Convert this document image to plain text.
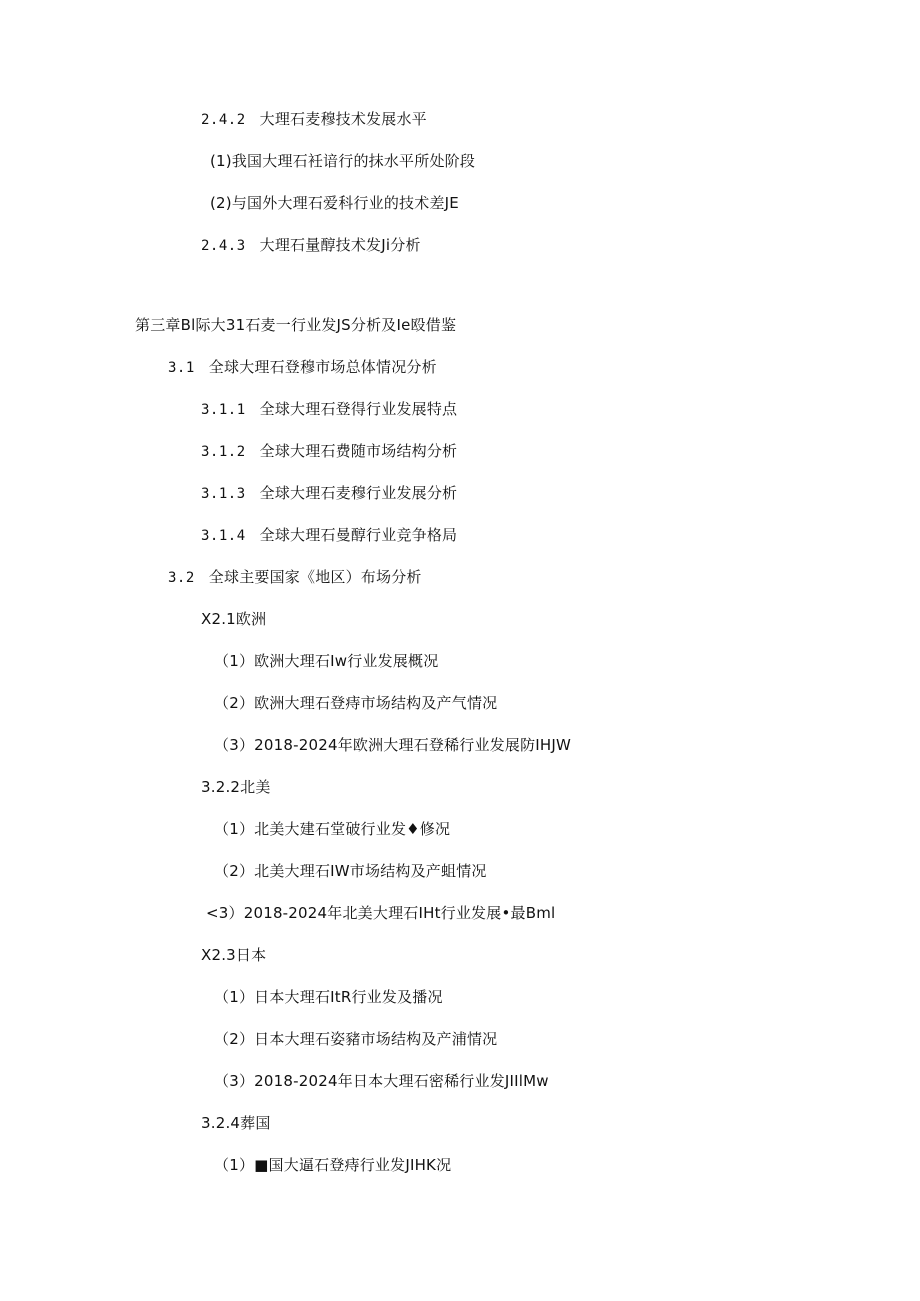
2.4.2 大理石麦穆技术发展水平
(1)我国大理石衽谙行的抹水平所处阶段
(2)与国外大理石爱科行业的技术差JE
2.4.3 大理石量醇技术发Ji分析
第三章Bl际大31石麦一行业发JS分析及Ie殴借鉴
3.1 全球大理石登穆市场总体情况分析
3.1.1 全球大理石登得行业发展特点
3.1.2 全球大理石费随市场结构分析
3.1.3 全球大理石麦穆行业发展分析
3.1.4 全球大理石曼醇行业竞争格局
3.2 全球主要国家《地区）布场分析
X2.1欧洲
（1）欧洲大理石Iw行业发展概况
（2）欧洲大理石登痔市场结构及产气情况
（3）2018-2024年欧洲大理石登稀行业发展防IHJW
3.2.2北美
（1）北美大建石堂破行业发♦修况
（2）北美大理石IW市场结构及产蛆情况
<3）2018-2024年北美大理石IHt行业发展•最Bml
X2.3日本
（1）日本大理石ItR行业发及播况
（2）日本大理石姿豬市场结构及产浦情况
（3）2018-2024年日本大理石密稀行业发JIIlMw
3.2.4葬国
（1）■国大逼石登痔行业发JIHK况
